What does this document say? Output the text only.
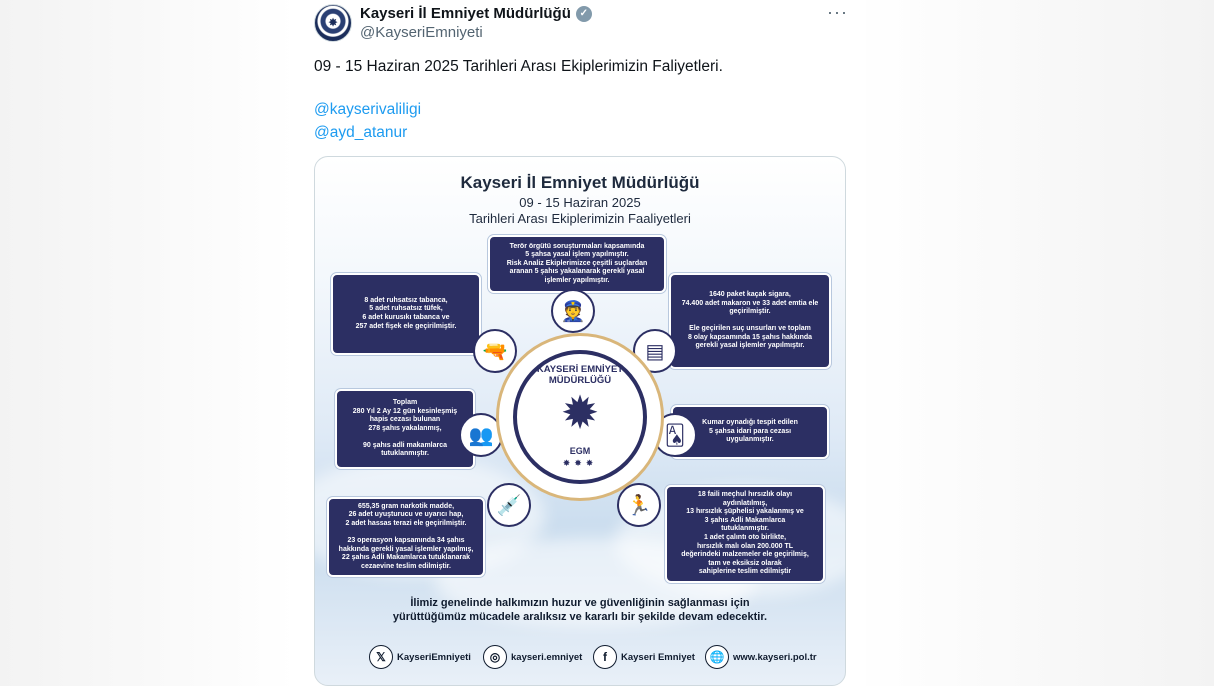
✸
Kayseri İl Emniyet Müdürlüğü ✓
@KayseriEmniyeti
···
09 - 15 Haziran 2025 Tarihleri Arası Ekiplerimizin Faliyetleri.
@kayserivaliligi
@ayd_atanur
Kayseri İl Emniyet Müdürlüğü
09 - 15 Haziran 2025
Tarihleri Arası Ekiplerimizin Faaliyetleri
Terör örgütü soruşturmaları kapsamında
5 şahsa yasal işlem yapılmıştır.
Risk Analiz Ekiplerimizce çeşitli suçlardan
aranan 5 şahıs yakalanarak gerekli yasal
işlemler yapılmıştır.
8 adet ruhsatsız tabanca,
5 adet ruhsatsız tüfek,
6 adet kurusıkı tabanca ve
257 adet fişek ele geçirilmiştir.
1640 paket kaçak sigara,
74.400 adet makaron ve 33 adet emtia ele
geçirilmiştir.

Ele geçirilen suç unsurları ve toplam
8 olay kapsamında 15 şahıs hakkında
gerekli yasal işlemler yapılmıştır.
Toplam
280 Yıl 2 Ay 12 gün kesinleşmiş
hapis cezası bulunan
278 şahıs yakalanmış,

90 şahıs adli makamlarca
tutuklanmıştır.
Kumar oynadığı tespit edilen
5 şahsa idari para cezası
uygulanmıştır.
655,35 gram narkotik madde,
26 adet uyuşturucu ve uyarıcı hap,
2 adet hassas terazi ele geçirilmiştir.

23 operasyon kapsamında 34 şahıs
hakkında gerekli yasal işlemler yapılmış,
22 şahıs Adli Makamlarca tutuklanarak
cezaevine teslim edilmiştir.
18 faili meçhul hırsızlık olayı
aydınlatılmış,
13 hırsızlık şüphelisi yakalanmış ve
3 şahıs Adli Makamlarca
tutuklanmıştır.
1 adet çalıntı oto birlikte,
hırsızlık malı olan 200.000 TL
değerindeki malzemeler ele geçirilmiş,
tam ve eksiksiz olarak
sahiplerine teslim edilmiştir
👮
🔫	▤
👥	🂡
💉	🏃
KAYSERİ EMNİYET MÜDÜRLÜĞÜ
✹
EGM
✸✸✸
İlimiz genelinde halkımızın huzur ve güvenliğinin sağlanması için
yürüttüğümüz mücadele aralıksız ve kararlı bir şekilde devam edecektir.
𝕏	KayseriEmniyeti	◎	kayseri.emniyet	f	Kayseri Emniyet	🌐 www.kayseri.pol.tr
